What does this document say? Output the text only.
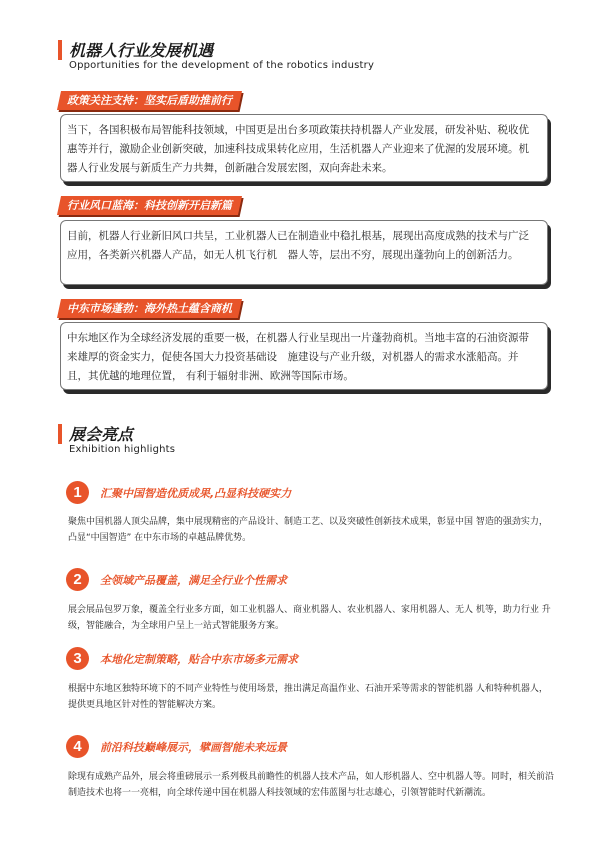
机器人行业发展机遇
Opportunities for the development of the robotics industry
政策关注支持：坚实后盾助推前行
当下，各国积极布局智能科技领域，中国更是出台多项政策扶持机器人产业发展，研发补贴、税收优惠等并行，激励企业创新突破，加速科技成果转化应用，生活机器人产业迎来了优渥的发展环境。机器人行业发展与新质生产力共舞，创新融合发展宏图，双向奔赴未来。
行业风口蓝海：科技创新开启新篇
目前，机器人行业新旧风口共呈，工业机器人已在制造业中稳扎根基，展现出高度成熟的技术与广泛应用，各类新兴机器人产品，如无人机飞行机　器人等，层出不穷，展现出蓬勃向上的创新活力。
中东市场蓬勃：海外热土蕴含商机
中东地区作为全球经济发展的重要一极，在机器人行业呈现出一片蓬勃商机。当地丰富的石油资源带来雄厚的资金实力，促使各国大力投资基础设　施建设与产业升级，对机器人的需求水涨船高。并且，其优越的地理位置， 有利于辐射非洲、欧洲等国际市场。
展会亮点
Exhibition highlights
1	汇聚中国智造优质成果,凸显科技硬实力
聚焦中国机器人顶尖品牌，集中展现精密的产品设计、制造工艺、以及突破性创新技术成果，彰显中国 智造的强劲实力，凸显“中国智造” 在中东市场的卓越品牌优势。
2	全领域产品覆盖，满足全行业个性需求
展会展品包罗万象，覆盖全行业多方面，如工业机器人、商业机器人、农业机器人、家用机器人、无人 机等，助力行业 升级，智能融合，为全球用户呈上一站式智能服务方案。
3	本地化定制策略，贴合中东市场多元需求
根据中东地区独特环境下的不同产业特性与使用场景，推出满足高温作业、石油开采等需求的智能机器 人和特种机器人，提供更具地区针对性的智能解决方案。
4	前沿科技巅峰展示，擘画智能未来远景
除现有成熟产品外，展会将重磅展示一系列极具前瞻性的机器人技术产品，如人形机器人、空中机器人等。同时，相关前沿制造技术也将一一亮相，向全球传递中国在机器人科技领域的宏伟蓝图与壮志雄心，引领智能时代新潮流。
